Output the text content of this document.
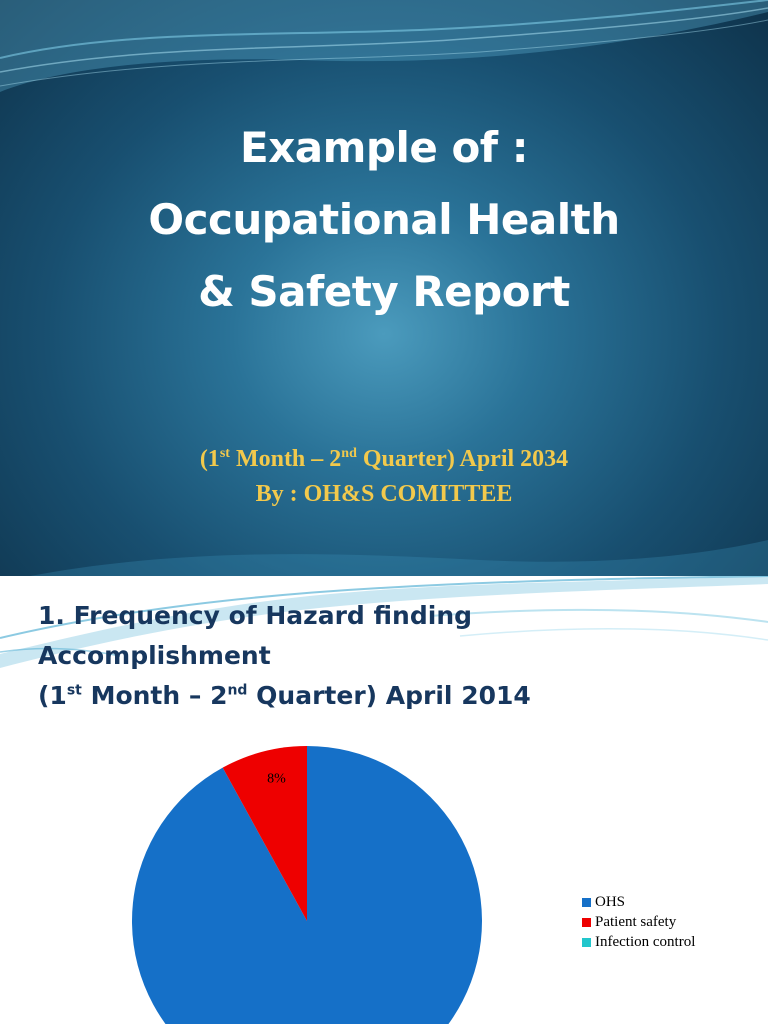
Example of :
Occupational Health
& Safety Report
(1st Month – 2nd Quarter) April 2034
By : OH&S COMITTEE
1. Frequency of Hazard finding
Accomplishment
(1st Month – 2nd Quarter) April 2014
8%
OHS
Patient safety
Infection control
